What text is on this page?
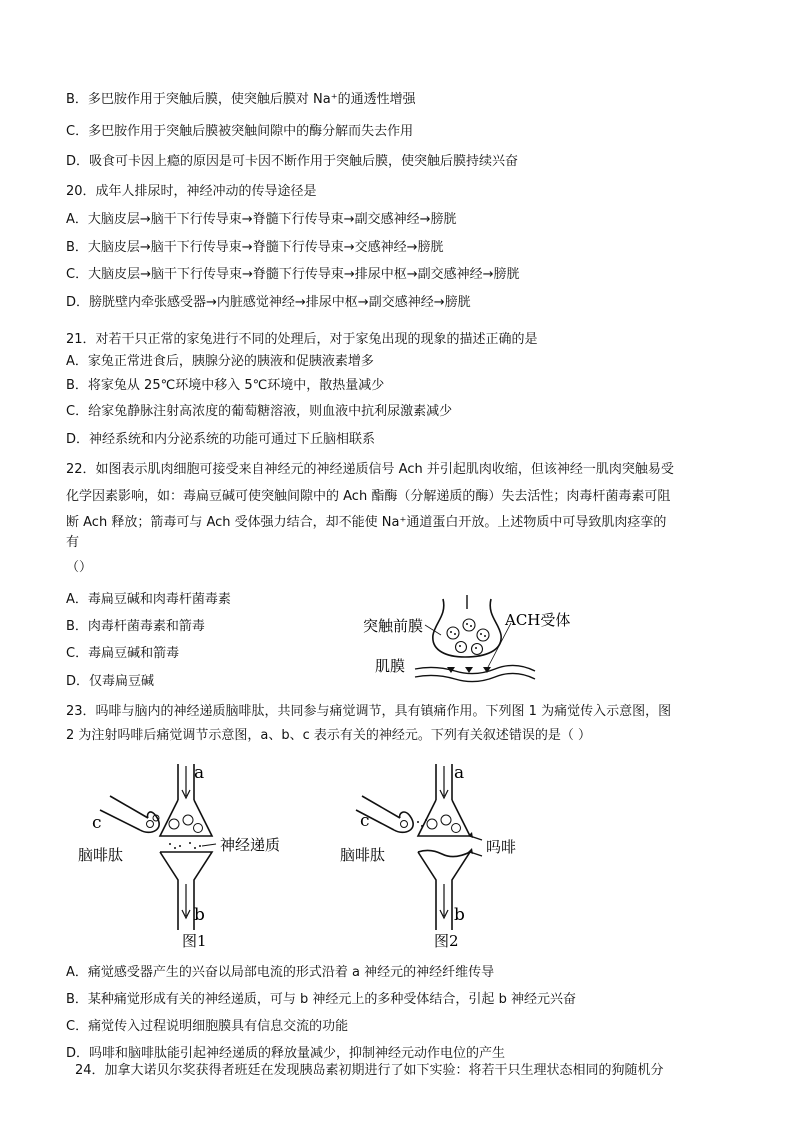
B．多巴胺作用于突触后膜，使突触后膜对 Na⁺的通透性增强
C．多巴胺作用于突触后膜被突触间隙中的酶分解而失去作用
D．吸食可卡因上瘾的原因是可卡因不断作用于突触后膜，使突触后膜持续兴奋
20．成年人排尿时，神经冲动的传导途径是
A．大脑皮层→脑干下行传导束→脊髓下行传导束→副交感神经→膀胱
B．大脑皮层→脑干下行传导束→脊髓下行传导束→交感神经→膀胱
C．大脑皮层→脑干下行传导束→脊髓下行传导束→排尿中枢→副交感神经→膀胱
D．膀胱壁内牵张感受器→内脏感觉神经→排尿中枢→副交感神经→膀胱
21．对若干只正常的家兔进行不同的处理后，对于家兔出现的现象的描述正确的是
A．家兔正常进食后，胰腺分泌的胰液和促胰液素增多
B．将家兔从 25℃环境中移入 5℃环境中，散热量减少
C．给家兔静脉注射高浓度的葡萄糖溶液，则血液中抗利尿激素减少
D．神经系统和内分泌系统的功能可通过下丘脑相联系
22．如图表示肌肉细胞可接受来自神经元的神经递质信号 Ach 并引起肌肉收缩，但该神经一肌肉突触易受
化学因素影响，如：毒扁豆碱可使突触间隙中的 Ach 酯酶（分解递质的酶）失去活性；肉毒杆菌毒素可阻
断 Ach 释放；箭毒可与 Ach 受体强力结合，却不能使 Na⁺通道蛋白开放。上述物质中可导致肌肉痉挛的
有
（）
A．毒扁豆碱和肉毒杆菌毒素
B．肉毒杆菌毒素和箭毒
C．毒扁豆碱和箭毒
D．仅毒扁豆碱
突触前膜	ACH受体
肌膜
23．吗啡与脑内的神经递质脑啡肽，共同参与痛觉调节，具有镇痛作用。下列图 1 为痛觉传入示意图，图
2 为注射吗啡后痛觉调节示意图，a、b、c 表示有关的神经元。下列有关叙述错误的是（ ）
a
b
c
脑啡肽
神经递质
图1
a
b
c
脑啡肽	吗啡
图2
A．痛觉感受器产生的兴奋以局部电流的形式沿着 a 神经元的神经纤维传导
B．某种痛觉形成有关的神经递质，可与 b 神经元上的多种受体结合，引起 b 神经元兴奋
C．痛觉传入过程说明细胞膜具有信息交流的功能
D．吗啡和脑啡肽能引起神经递质的释放量减少，抑制神经元动作电位的产生
24．加拿大诺贝尔奖获得者班廷在发现胰岛素初期进行了如下实验：将若干只生理状态相同的狗随机分
